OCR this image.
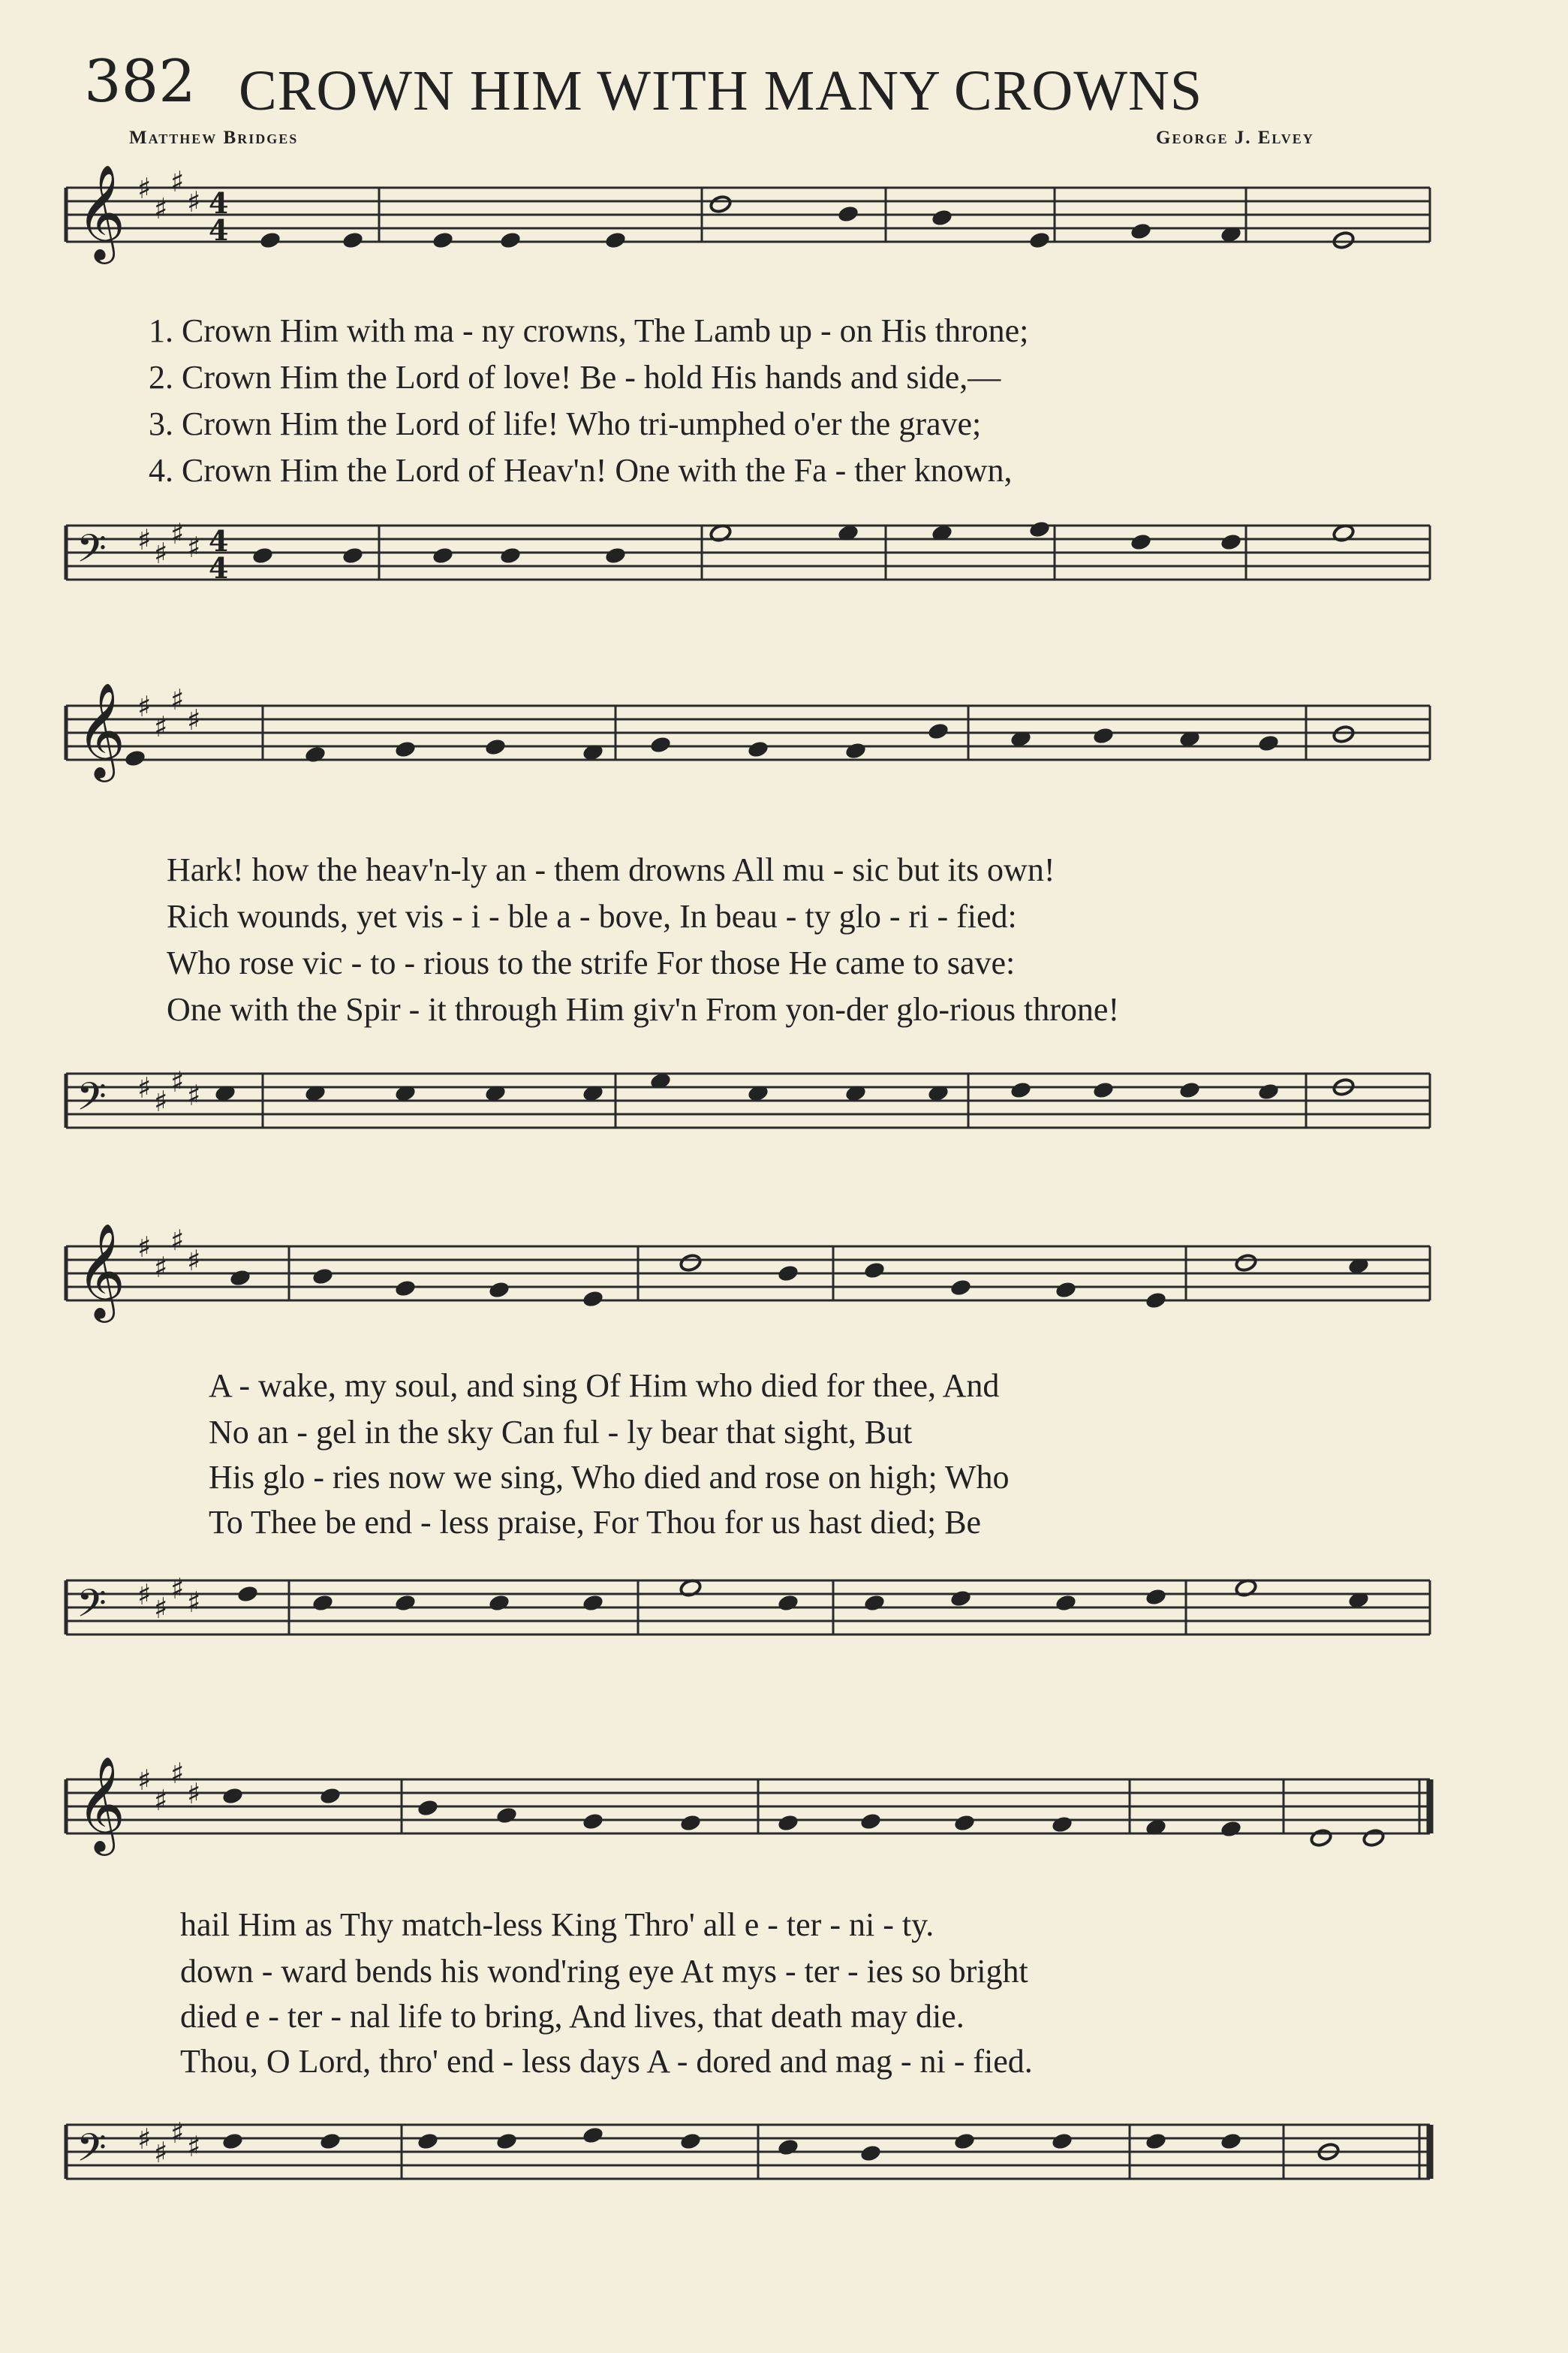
382 CROWN HIM WITH MANY CROWNS
Matthew Bridges	George J. Elvey
𝄞 ♯
♯
♯
♯ 4
4
1. Crown Him with ma - ny crowns, The Lamb up - on His throne;
2. Crown Him the Lord of love! Be - hold His hands and side,—
3. Crown Him the Lord of life! Who tri-umphed o'er the grave;
4. Crown Him the Lord of Heav'n! One with the Fa - ther known,
𝄢 ♯ ♯
♯ ♯ 4
4
𝄞 ♯
♯
♯
♯
Hark! how the heav'n-ly an - them drowns All mu - sic but its own!
Rich wounds, yet vis - i - ble a - bove, In beau - ty glo - ri - fied:
Who rose vic - to - rious to the strife For those He came to save:
One with the Spir - it through Him giv'n From yon-der glo-rious throne!
𝄢 ♯ ♯
♯ ♯
𝄞 ♯
♯
♯
♯
A - wake, my soul, and sing Of Him who died for thee, And
No an - gel in the sky Can ful - ly bear that sight, But
His glo - ries now we sing, Who died and rose on high; Who
To Thee be end - less praise, For Thou for us hast died; Be
𝄢 ♯ ♯
♯ ♯
𝄞 ♯
♯
♯
♯
hail Him as Thy match-less King Thro' all e - ter - ni - ty.
down - ward bends his wond'ring eye At mys - ter - ies so bright
died e - ter - nal life to bring, And lives, that death may die.
Thou, O Lord, thro' end - less days A - dored and mag - ni - fied.
𝄢 ♯ ♯
♯ ♯
